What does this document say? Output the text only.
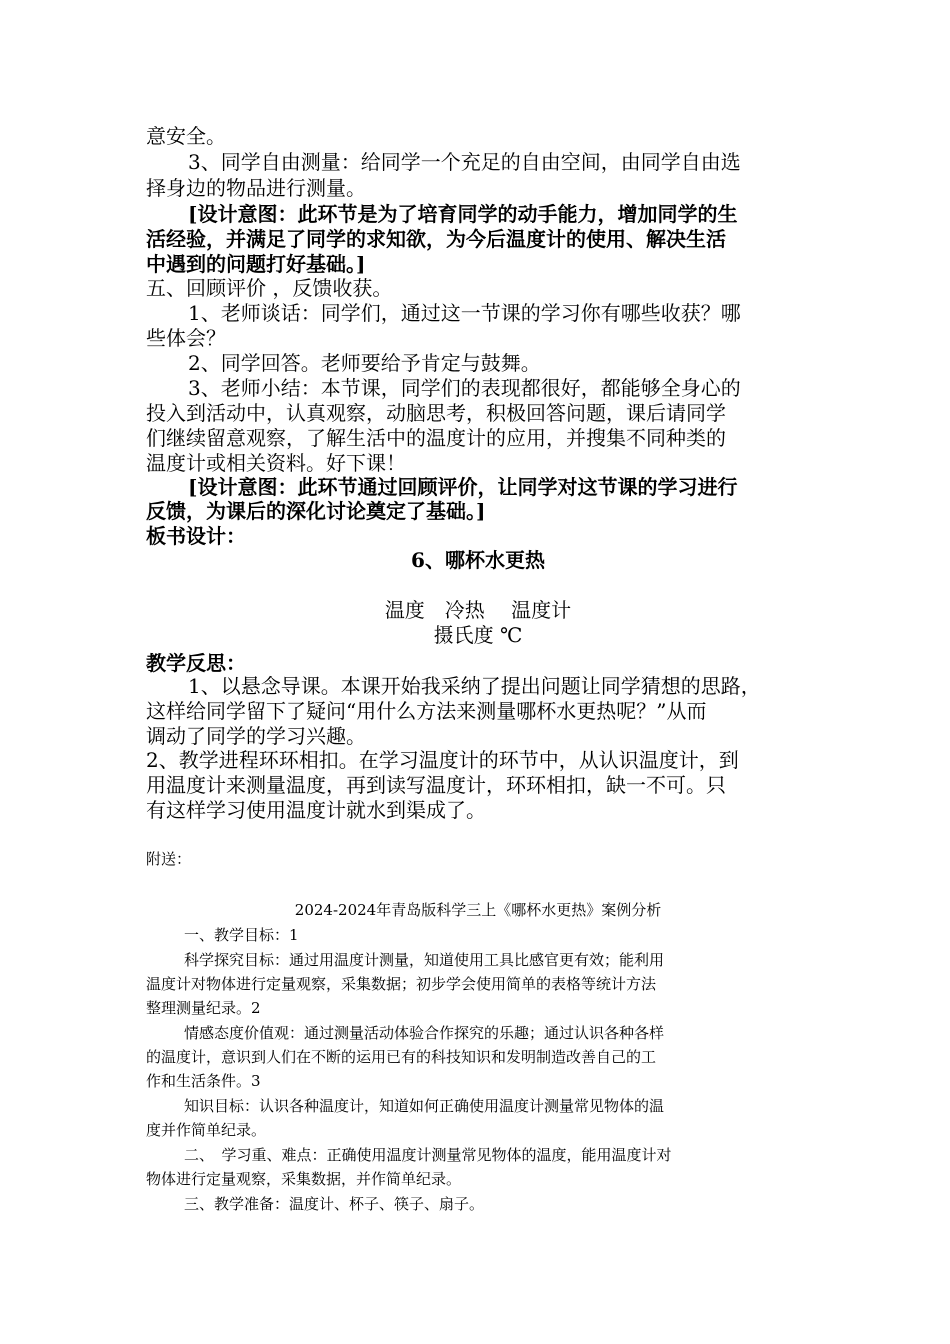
意安全。
3、同学自由测量：给同学一个充足的自由空间，由同学自由选
择身边的物品进行测量。
[设计意图：此环节是为了培育同学的动手能力，增加同学的生
活经验，并满足了同学的求知欲，为今后温度计的使用、解决生活
中遇到的问题打好基础。]
五、回顾评价 ，反馈收获。
1、老师谈话：同学们，通过这一节课的学习你有哪些收获？哪
些体会？
2、同学回答。老师要给予肯定与鼓舞。
3、老师小结：本节课，同学们的表现都很好，都能够全身心的
投入到活动中，认真观察，动脑思考，积极回答问题，课后请同学
们继续留意观察，了解生活中的温度计的应用，并搜集不同种类的
温度计或相关资料。好下课！
[设计意图：此环节通过回顾评价，让同学对这节课的学习进行
反馈，为课后的深化讨论奠定了基础。]
板书设计：
6、哪杯水更热
温度　冷热　 温度计
摄氏度 ℃
教学反思：
1、以悬念导课。本课开始我采纳了提出问题让同学猜想的思路，
这样给同学留下了疑问“用什么方法来测量哪杯水更热呢？”从而
调动了同学的学习兴趣。
2、教学进程环环相扣。在学习温度计的环节中，从认识温度计，到
用温度计来测量温度，再到读写温度计，环环相扣，缺一不可。只
有这样学习使用温度计就水到渠成了。
附送：
2024-2024年青岛版科学三上《哪杯水更热》案例分析
一、教学目标：1
科学探究目标：通过用温度计测量，知道使用工具比感官更有效；能利用
温度计对物体进行定量观察，采集数据；初步学会使用简单的表格等统计方法
整理测量纪录。2
情感态度价值观：通过测量活动体验合作探究的乐趣；通过认识各种各样
的温度计，意识到人们在不断的运用已有的科技知识和发明制造改善自己的工
作和生活条件。3
知识目标：认识各种温度计，知道如何正确使用温度计测量常见物体的温
度并作简单纪录。
二、　学习重、难点：正确使用温度计测量常见物体的温度，能用温度计对
物体进行定量观察，采集数据，并作简单纪录。
三、教学准备：温度计、杯子、筷子、扇子。
